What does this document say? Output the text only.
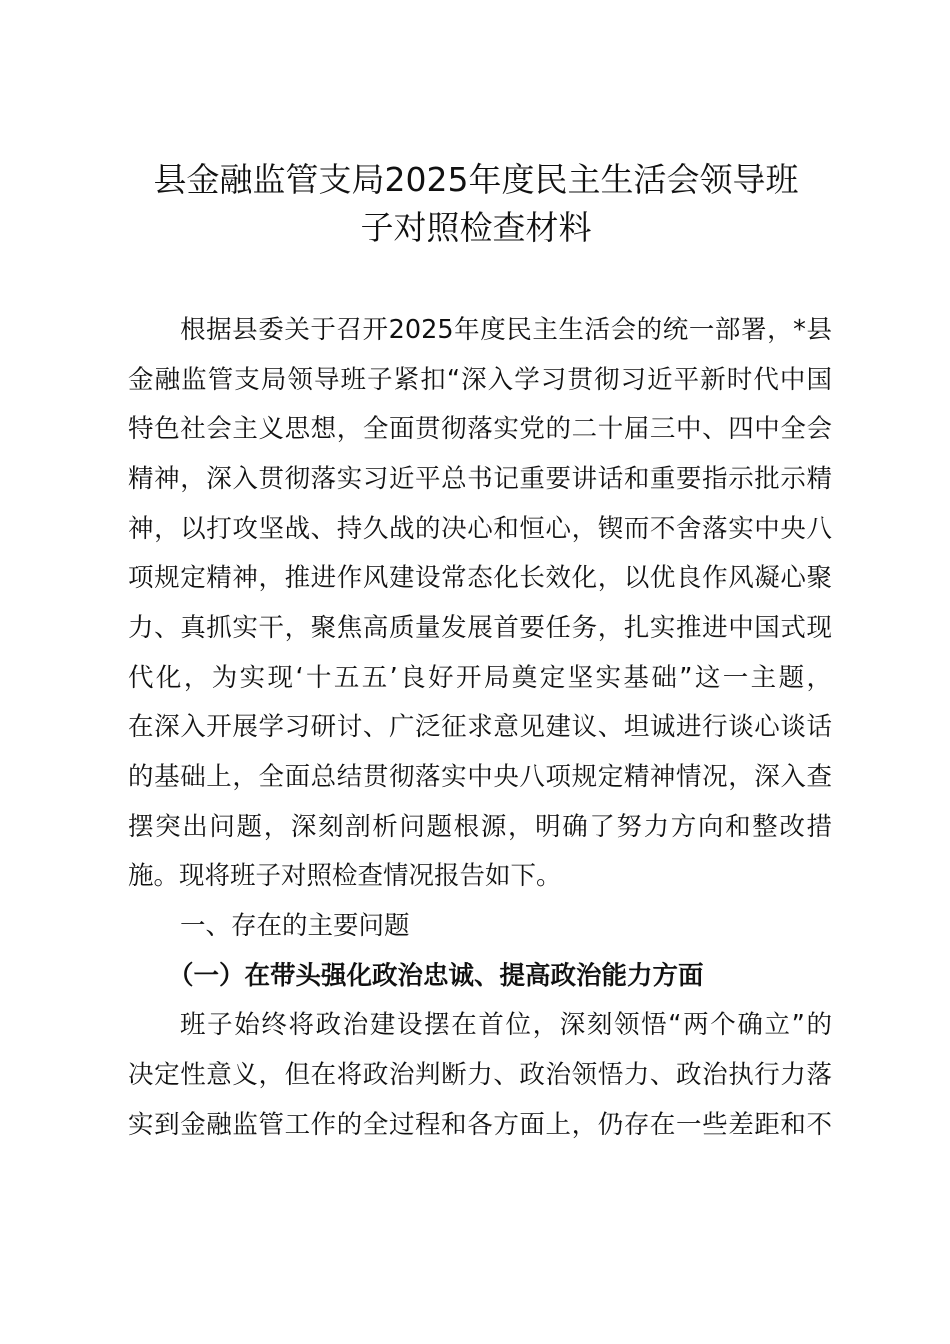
县金融监管支局2025年度民主生活会领导班
子对照检查材料
根据县委关于召开2025年度民主生活会的统一部署，*县
金融监管支局领导班子紧扣“深入学习贯彻习近平新时代中国
特色社会主义思想，全面贯彻落实党的二十届三中、四中全会
精神，深入贯彻落实习近平总书记重要讲话和重要指示批示精
神，以打攻坚战、持久战的决心和恒心，锲而不舍落实中央八
项规定精神，推进作风建设常态化长效化，以优良作风凝心聚
力、真抓实干，聚焦高质量发展首要任务，扎实推进中国式现
代化，为实现‘十五五’良好开局奠定坚实基础”这一主题，
在深入开展学习研讨、广泛征求意见建议、坦诚进行谈心谈话
的基础上，全面总结贯彻落实中央八项规定精神情况，深入查
摆突出问题，深刻剖析问题根源，明确了努力方向和整改措
施。现将班子对照检查情况报告如下。
一、存在的主要问题
（一）在带头强化政治忠诚、提高政治能力方面
班子始终将政治建设摆在首位，深刻领悟“两个确立”的
决定性意义，但在将政治判断力、政治领悟力、政治执行力落
实到金融监管工作的全过程和各方面上，仍存在一些差距和不
